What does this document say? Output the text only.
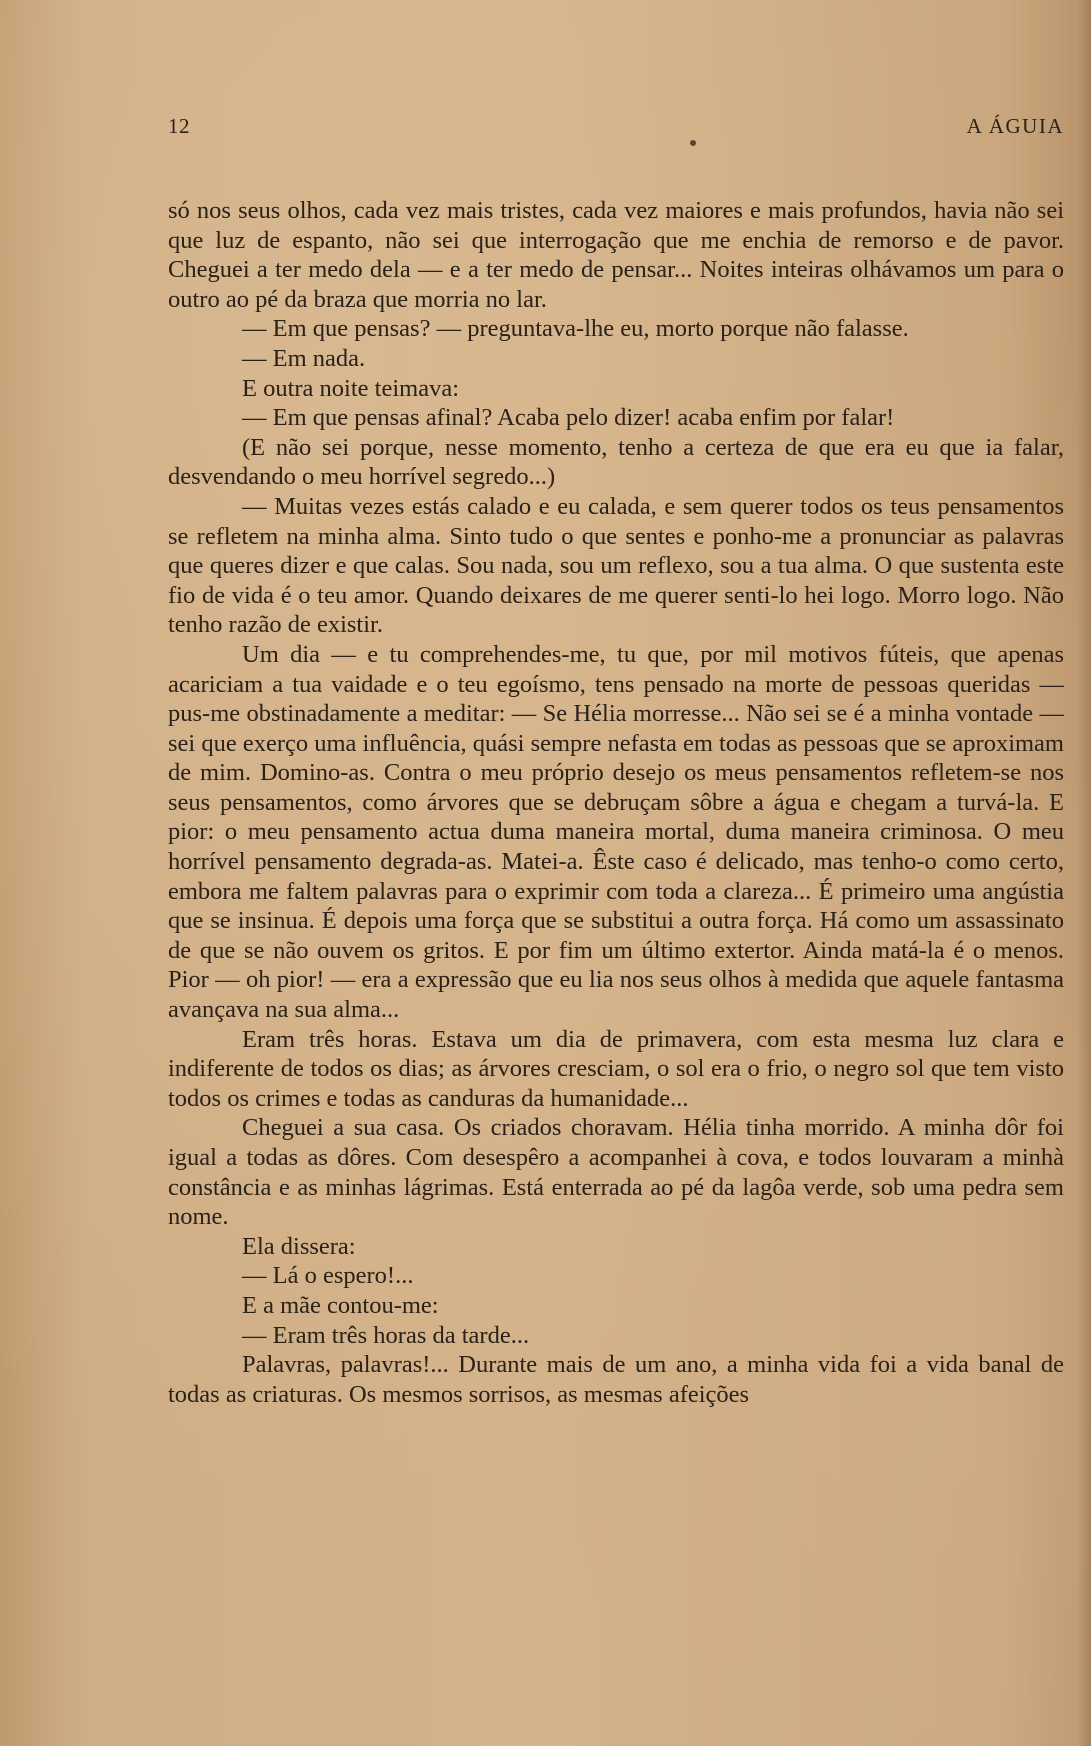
12	A ÁGUIA

só nos seus olhos, cada vez mais tristes, cada vez maiores e mais profundos, havia não sei que luz de espanto, não sei que interrogação que me enchia de remorso e de pavor. Cheguei a ter medo dela — e a ter medo de pensar... Noites inteiras olhávamos um para o outro ao pé da braza que morria no lar.

— Em que pensas? — preguntava-lhe eu, morto porque não falasse.

— Em nada.

E outra noite teimava:

— Em que pensas afinal? Acaba pelo dizer! acaba enfim por falar!

(E não sei porque, nesse momento, tenho a certeza de que era eu que ia falar, desvendando o meu horrível segredo...)

— Muitas vezes estás calado e eu calada, e sem querer todos os teus pensamentos se refletem na minha alma. Sinto tudo o que sentes e ponho-me a pronunciar as palavras que queres dizer e que calas. Sou nada, sou um reflexo, sou a tua alma. O que sustenta este fio de vida é o teu amor. Quando deixares de me querer senti-lo hei logo. Morro logo. Não tenho razão de existir.

Um dia — e tu comprehendes-me, tu que, por mil motivos fúteis, que apenas acariciam a tua vaidade e o teu egoísmo, tens pensado na morte de pessoas queridas — pus-me obstinadamente a meditar: — Se Hélia morresse... Não sei se é a minha vontade — sei que exerço uma influência, quási sempre nefasta em todas as pessoas que se aproximam de mim. Domino-as. Contra o meu próprio desejo os meus pensamentos refletem-se nos seus pensamentos, como árvores que se debruçam sôbre a água e chegam a turvá-la. E pior: o meu pensamento actua duma maneira mortal, duma maneira criminosa. O meu horrível pensamento degrada-as. Matei-a. Êste caso é delicado, mas tenho-o como certo, embora me faltem palavras para o exprimir com toda a clareza... É primeiro uma angústia que se insinua. É depois uma força que se substitui a outra força. Há como um assassinato de que se não ouvem os gritos. E por fim um último extertor. Ainda matá-la é o menos. Pior — oh pior! — era a expressão que eu lia nos seus olhos à medida que aquele fantasma avançava na sua alma...

Eram três horas. Estava um dia de primavera, com esta mesma luz clara e indiferente de todos os dias; as árvores cresciam, o sol era o frio, o negro sol que tem visto todos os crimes e todas as canduras da humanidade...

Cheguei a sua casa. Os criados choravam. Hélia tinha morrido. A minha dôr foi igual a todas as dôres. Com desespêro a acompanhei à cova, e todos louvaram a minhà constância e as minhas lágrimas. Está enterrada ao pé da lagôa verde, sob uma pedra sem nome.

Ela dissera:

— Lá o espero!...

E a mãe contou-me:

— Eram três horas da tarde...

Palavras, palavras!... Durante mais de um ano, a minha vida foi a vida banal de todas as criaturas. Os mesmos sorrisos, as mesmas afeições
